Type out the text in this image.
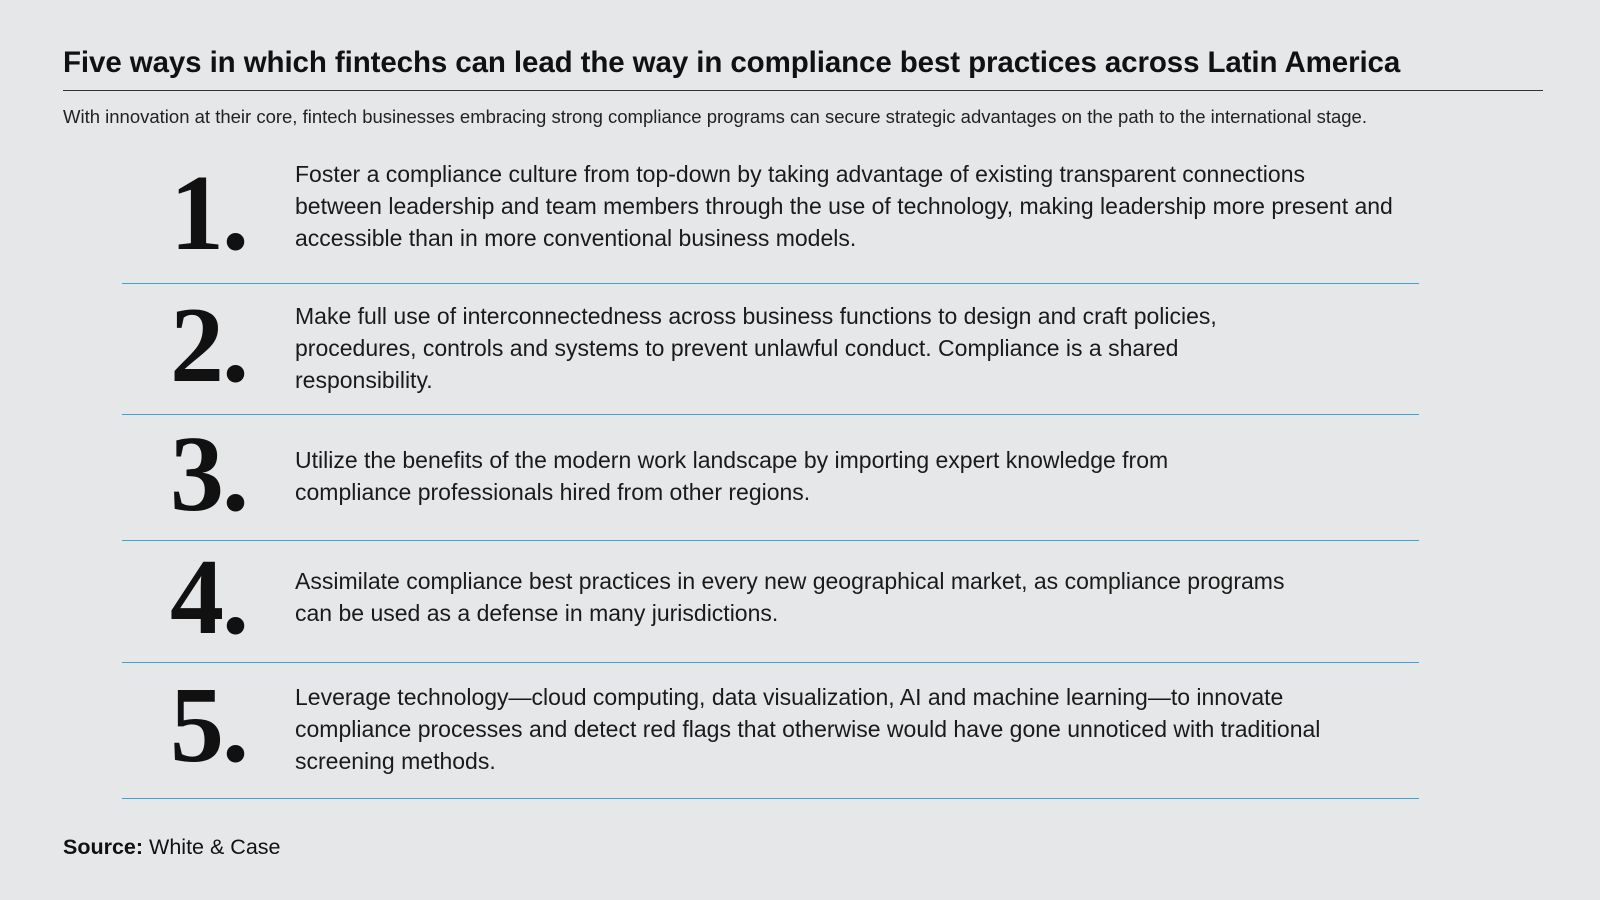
Five ways in which fintechs can lead the way in compliance best practices across Latin America
With innovation at their core, fintech businesses embracing strong compliance programs can secure strategic advantages on the path to the international stage.
1. Foster a compliance culture from top-down by taking advantage of existing transparent connections between leadership and team members through the use of technology, making leadership more present and accessible than in more conventional business models.
2. Make full use of interconnectedness across business functions to design and craft policies, procedures, controls and systems to prevent unlawful conduct. Compliance is a shared responsibility.
3. Utilize the benefits of the modern work landscape by importing expert knowledge from compliance professionals hired from other regions.
4. Assimilate compliance best practices in every new geographical market, as compliance programs can be used as a defense in many jurisdictions.
5. Leverage technology—cloud computing, data visualization, AI and machine learning—to innovate compliance processes and detect red flags that otherwise would have gone unnoticed with traditional screening methods.
Source: White & Case
